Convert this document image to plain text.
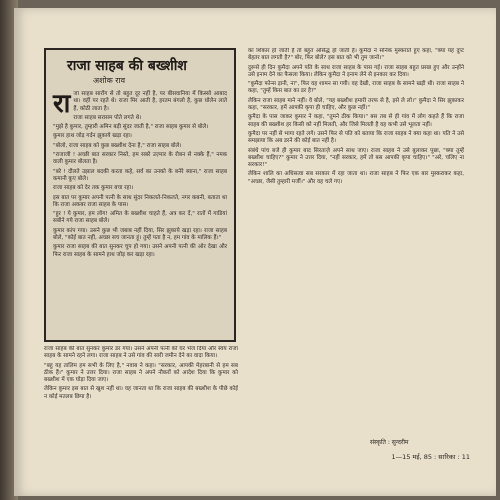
राजा साहब की बख्शीश
अशोक राव

राजा साहब सारोंग से तो बहुत दूर नहीं है, पर बीसवानिया में किस्सो आबाद था। वहीं पर रहते थे। राजा मिर आती है, हरतम बंगलो है, कुछ धोलेन लाते हैं, कोठी लाता है।

राजा साहब सरासम पोते लगते थे।

"मुझे है कुमार, तुम्हारी अमिन बड़ी सुंदर जाती है," राजा साहब कुमार से बोले।

कुमार हाथ जोड़ गर्दन झुकाये खड़ा रहा।

"बोलो, राजा साहब को कुछ बख्शीश देना है," राजा साहब बोले।

"राजाजी ! अच्छी बात सरकार निस्ते, हम सबरे उज़्मार के रोबन से नक्के हैं," नमक वाली कुमार बोलता है।

"बरे ! दौलते उझाल बदकी करता कहे, सर्व का उनको के बनेरे ब्याना," राजा साहब कमानी कुए बोले।

राजा साहब को देर तक कुमार बचा रहा।

इस बात पर कुमार अपनी पत्नी के साथ सुंदर निकलते-निकलते, नगर कबनी, बताता था कि राजा अकबर राजा साहब के पास।

"हुर ! ये कुमार, हम लोग! अमित के बख्शीश चाहते हैं, अत्र कर दें," रातों में गाडियां सबीने गये राजा साहब बोले।

कुमार कांप गया। उसने कुछ भी जबाब नहीं दिया, सिर झुकाये खड़ा रहा। राजा साहब बोले, "कोई बात नहीं, अच्छा सच जानता हूं। तुम्हें पता है न, हम गांव के मालिक हैं।"

कुमार राजा साहब की बात सुनकर चुप हो गया। उसने अपनी पत्नी की ओर देखा और फिर राजा साहब के सामने हाथ जोड़ कर खड़ा रहा।

राजा साहब की बात सुनकर कुमार डर गया। उसने अपनी पत्नी को घर भेज दिया और स्वयं राजा साहब के सामने रहने लगा। राजा साहब ने उसे गांव की सारी जमीन देने का वादा किया।

"बहु यह तालिम हम सभी के लिए है," नवाब ने कहा। "सरकार, आपकी मेहरबानी से हम सब ठीक हैं।" कुमार ने उत्तर दिया। राजा साहब ने अपने नौकरों को आदेश दिया कि कुमार को बख्शीश में एक घोड़ा दिया जाए।

लेकिन कुमार इस बात से खुश नहीं था। वह जानता था कि राजा साहब की बख्शीश के पीछे कोई न कोई मतलब छिपा है।

का शिकार हो जाती है तो बहुत असिद्ध हो जाती है। कुमैदा ने सनिक मुस्कराते हुए कहा, "क्या यह दुप्ट बेहतर बात लगती है?" बोर, फिर बोले? इस बात को भी तुम जानो।"

दुरूसे ही दिन कुमैदा अपने पति के साथ राजा साहब के पास गई। राजा साहब बहुत प्रसन्न हुए और उन्होंने उसे इनाम देने का फैसला किया। लेकिन कुमैदा ने इनाम लेने से इनकार कर दिया।

"कुमैदा फोन्स ड़ानी, ना", फिर वह शामन सा गयी। वह देखी, राजा साहब के सामने खड़ी थी। राजा साहब ने कहा, "तुम्हें किस बात का डर है?"

लेकिन राजा साहब माने नहीं। वे बोले, "यह बख्शीश हमारी तरफ से है, इसे ले लो।" कुमैदा ने सिर झुकाकर कहा, "सरकार, हमें आपकी कृपा ही चाहिए, और कुछ नहीं।"

कुमैदा के पास जाकर कुमार ने कहा, "तुमने ठीक किया।" बस तब से ही गांव में लोग कहते हैं कि राजा साहब की बख्शीश हर किसी को नहीं मिलती, और जिसे मिलती है वह कभी उसे भूलता नहीं।

कुमैदा पर नहीं से भागा रहते लगे। उसने फिर से पति को बताया कि राजा साहब ने क्या कहा था। पति ने उसे समझाया कि अब डरने की कोई बात नहीं है।

संबंधे पांच बजे ही कुमार बाद सिरताज़े अपने साथ जाए। राजा साहब ने उसे बुलाकर पूछा, "क्या तुम्हें बख्शीश चाहिए?" कुमार ने उत्तर दिया, "नहीं सरकार, हमें तो बस आपकी कृपा चाहिए।" "अरे, चलिए ना सरकार!"

लेकिन शालि का अधिसत्वा सब सरकार में रहा जाता था। राजा साहब ने फिर एक बार मुस्कराकर कहा, "अच्छा, जैसी तुम्हारी मर्जी।" और वह चले गए।

संस्कृति : सुन्दरीम
1—15 मई, 85 : सारिका : 11
